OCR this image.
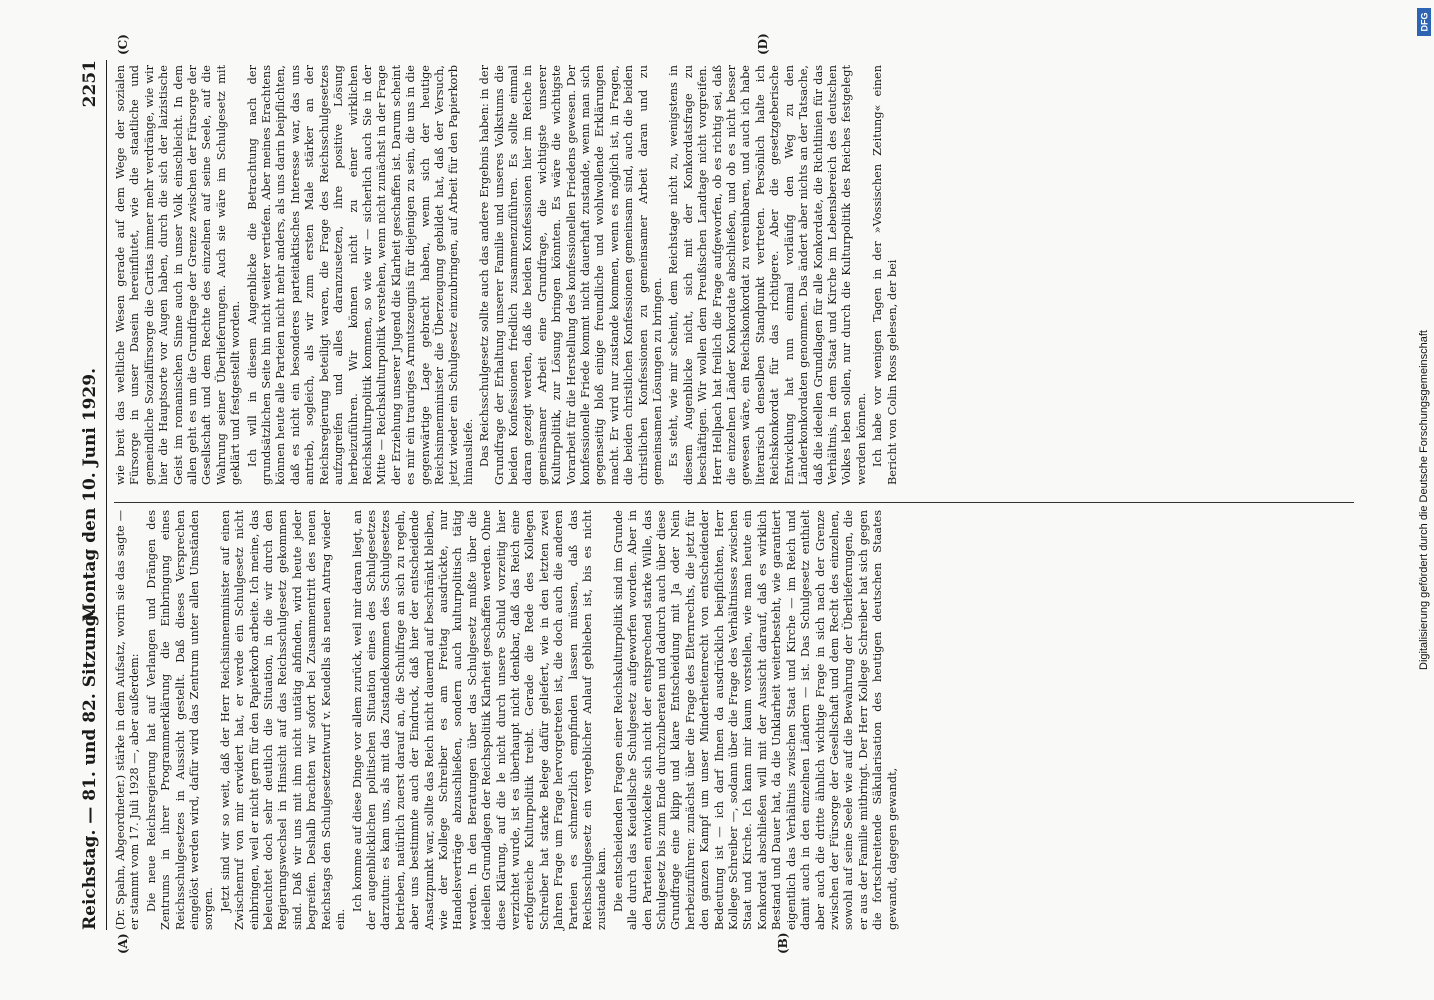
Reichstag. — 81. und 82. Sitzung.
Montag den 10. Juni 1929.
2251
(A)	(B)
(C)	(D)

(Dr. Spahn, Abgeordneter.) stärke in dem Aufsatz, worin sie das sagte — er stammt vom 17. Juli 1928 —, aber außerdem: Die neue Reichsregierung hat auf Verlangen und Drängen des Zentrums in ihrer Programmerklärung die Einbringung eines Reichsschulgesetzes in Aussicht gestellt. Daß dieses Versprechen eingelöst werden wird, dafür wird das Zentrum unter allen Umständen sorgen. Jetzt sind wir so weit, daß der Herr Reichsinnenminister auf einen Zwischenruf von mir erwidert hat, er werde ein Schulgesetz nicht einbringen, weil er nicht gern für den Papierkorb arbeite. Ich meine, das beleuchtet doch sehr deutlich die Situation, in die wir durch den Regierungswechsel in Hinsicht auf das Reichsschulgesetz gekommen sind. Daß wir uns mit ihm nicht untätig abfinden, wird heute jeder begreifen. Deshalb brachten wir sofort bei Zusammentritt des neuen Reichstags den Schulgesetzentwurf v. Keudells als neuen Antrag wieder ein.

Ich komme auf diese Dinge vor allem zurück, weil mir daran liegt, an der augenblicklichen politischen Situation eines des Schulgesetzes darzutun: es kam uns, als mit das Zustandekommen des Schulgesetzes betrieben, natürlich zuerst darauf an, die Schulfrage an sich zu regeln, aber uns bestimmte auch der Eindruck, daß hier der entscheidende Ansatzpunkt war, sollte das Reich nicht dauernd auf beschränkt bleiben, wie der Kollege Schreiber es am Freitag ausdrückte, nur Handelsverträge abzuschließen, sondern auch kulturpolitisch tätig werden. In den Beratungen über das Schulgesetz mußte über die ideellen Grundlagen der Reichspolitik Klarheit geschaffen werden. Ohne diese Klärung, auf die le nicht durch unsere Schuld vorzeitig hier verzichtet wurde, ist es überhaupt nicht denkbar, daß das Reich eine erfolgreiche Kulturpolitik treibt. Gerade die Rede des Kollegen Schreiber hat starke Belege dafür geliefert, wie in den letzten zwei Jahren Frage um Frage hervorgetreten ist, die doch auch die anderen Parteien es schmerzlich empfinden lassen müssen, daß das Reichsschulgesetz ein vergeblicher Anlauf geblieben ist, bis es nicht zustande kam. Die entscheidenden Fragen einer Reichskulturpolitik sind im Grunde alle durch das Keudellsche Schulgesetz aufgeworfen worden. Aber in den Parteien entwickelte sich nicht der entsprechend starke Wille, das Schulgesetz bis zum Ende durchzuberaten und dadurch auch über diese Grundfrage eine klipp und klare Entscheidung mit Ja oder Nein herbeizuführen: zunächst über die Frage des Elternrechts, die jetzt für den ganzen Kampf um unser Minderheitenrecht von entscheidender Bedeutung ist — ich darf Ihnen da ausdrücklich beipflichten, Herr Kollege Schreiber —, sodann über die Frage des Verhältnisses zwischen Staat und Kirche. Ich kann mir kaum vorstellen, wie man heute ein Konkordat abschließen will mit der Aussicht darauf, daß es wirklich Bestand und Dauer hat, da die Unklarheit weiterbesteht, wie garantiert eigentlich das Verhältnis zwischen Staat und Kirche — im Reich und damit auch in den einzelnen Ländern — ist. Das Schulgesetz enthielt aber auch die dritte ähnlich wichtige Frage in sich nach der Grenze zwischen der Fürsorge der Gesellschaft und dem Recht des einzelnen, sowohl auf seine Seele wie auf die Bewahrung der Überlieferungen, die er aus der Familie mitbringt. Der Herr Kollege Schreiber hat sich gegen die fortschreitende Säkularisation des heutigen deutschen Staates gewandt, dagegen gewandt,

wie breit das weltliche Wesen gerade auf dem Wege der sozialen Fürsorge in unser Dasein hereinflutet, wie die staatliche und gemeindliche Sozialfürsorge die Caritas immer mehr verdränge, wie wir hier die Hauptsorte vor Augen haben, durch die sich der laizistische Geist im romanischen Sinne auch in unser Volk einschleicht. In dem allen geht es um die Grundfrage der Grenze zwischen der Fürsorge der Gesellschaft und dem Rechte des einzelnen auf seine Seele, auf die Wahrung seiner Überlieferungen. Auch sie wäre im Schulgesetz mit geklärt und festgestellt worden. Ich will in diesem Augenblicke die Betrachtung nach der grundsätzlichen Seite hin nicht weiter vertiefen. Aber meines Erachtens können heute alle Parteien nicht mehr anders, als uns darin beipflichten, daß es nicht ein besonderes parteitaktisches Interesse war, das uns antrieb, sogleich, als wir zum ersten Male stärker an der Reichsregierung beteiligt waren, die Frage des Reichsschulgesetzes aufzugreifen und alles daranzusetzen, ihre positive Lösung herbeizuführen. Wir können nicht zu einer wirklichen Reichskulturpolitik kommen, so wie wir — sicherlich auch Sie in der Mitte — Reichskulturpolitik verstehen, wenn nicht zunächst in der Frage der Erziehung unserer Jugend die Klarheit geschaffen ist. Darum scheint es mir ein trauriges Armutszeugnis für diejenigen zu sein, die uns in die gegenwärtige Lage gebracht haben, wenn sich der heutige Reichsinnenminister die Überzeugung gebildet hat, daß der Versuch, jetzt wieder ein Schulgesetz einzubringen, auf Arbeit für den Papierkorb hinausliefe. Das Reichsschulgesetz sollte auch das andere Ergebnis haben: in der Grundfrage der Erhaltung unserer Familie und unseres Volkstums die beiden Konfessionen friedlich zusammenzuführen. Es sollte einmal daran gezeigt werden, daß die beiden Konfessionen hier im Reiche in gemeinsamer Arbeit eine Grundfrage, die wichtigste unserer Kulturpolitik, zur Lösung bringen könnten. Es wäre die wichtigste Vorarbeit für die Herstellung des konfessionellen Friedens gewesen. Der konfessionelle Friede kommt nicht dauerhaft zustande, wenn man sich gegenseitig bloß einige freundliche und wohlwollende Erklärungen macht. Er wird nur zustande kommen, wenn es möglich ist, in Fragen, die beiden christlichen Konfessionen gemeinsam sind, auch die beiden christlichen Konfessionen zu gemeinsamer Arbeit daran und zu gemeinsamen Lösungen zu bringen. Es steht, wie mir scheint, dem Reichstage nicht zu, wenigstens in diesem Augenblicke nicht, sich mit der Konkordatsfrage zu beschäftigen. Wir wollen dem Preußischen Landtage nicht vorgreifen. Herr Hellpach hat freilich die Frage aufgeworfen, ob es richtig sei, daß die einzelnen Länder Konkordate abschließen, und ob es nicht besser gewesen wäre, ein Reichskonkordat zu vereinbaren, und auch ich habe literarisch denselben Standpunkt vertreten. Persönlich halte ich Reichskonkordat für das richtigere. Aber die gesetzgeberische Entwicklung hat nun einmal vorläufig den Weg zu den Länderkonkordaten genommen. Das ändert aber nichts an der Tatsache, daß die ideellen Grundlagen für alle Konkordate, die Richtlinien für das Verhältnis, in dem Staat und Kirche im Lebensbereich des deutschen Volkes leben sollen, nur durch die Kulturpolitik des Reiches festgelegt werden können. Ich habe vor wenigen Tagen in der »Vossischen Zeitung« einen Bericht von Colin Ross gelesen, der bei

DFG
Digitalisierung gefördert durch die Deutsche Forschungsgemeinschaft
